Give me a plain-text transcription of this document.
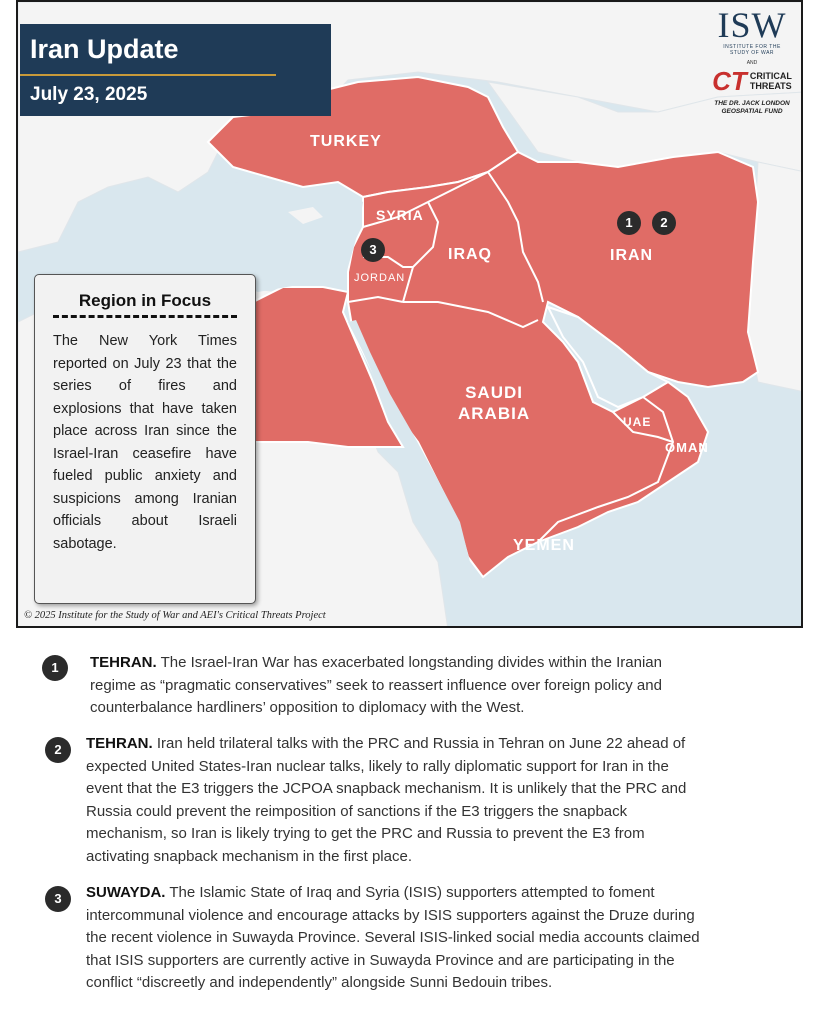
Iran Update
July 23, 2025
ISW
INSTITUTE FOR THE
STUDY OF WAR
AND
CT CRITICAL
THREATS
THE DR. JACK LONDON
GEOSPATIAL FUND
TURKEY
SYRIA
IRAQ	IRAN
JORDAN
SAUDI
ARABIA	UAE
OMAN
YEMEN
1	2
3
Region in Focus
The New York Times reported on July 23 that the series of fires and explosions that have taken place across Iran since the Israel-Iran ceasefire have fueled public anxiety and suspicions among Iranian officials about Israeli sabotage.
© 2025 Institute for the Study of War and AEI's Critical Threats Project
1	TEHRAN. The Israel-Iran War has exacerbated longstanding divides within the Iranian
regime as “pragmatic conservatives” seek to reassert influence over foreign policy and
counterbalance hardliners’ opposition to diplomacy with the West.
2	TEHRAN. Iran held trilateral talks with the PRC and Russia in Tehran on June 22 ahead of
expected United States-Iran nuclear talks, likely to rally diplomatic support for Iran in the
event that the E3 triggers the JCPOA snapback mechanism. It is unlikely that the PRC and
Russia could prevent the reimposition of sanctions if the E3 triggers the snapback
mechanism, so Iran is likely trying to get the PRC and Russia to prevent the E3 from
activating snapback mechanism in the first place.
3	SUWAYDA. The Islamic State of Iraq and Syria (ISIS) supporters attempted to foment
intercommunal violence and encourage attacks by ISIS supporters against the Druze during
the recent violence in Suwayda Province. Several ISIS-linked social media accounts claimed
that ISIS supporters are currently active in Suwayda Province and are participating in the
conflict “discreetly and independently” alongside Sunni Bedouin tribes.
